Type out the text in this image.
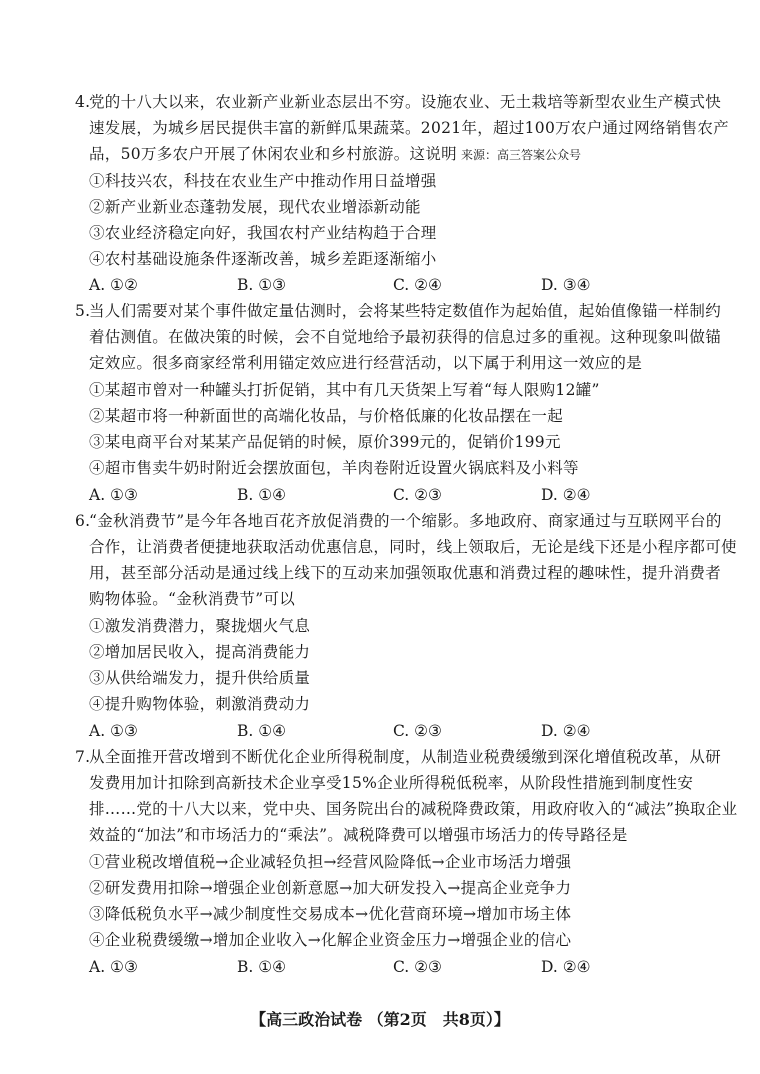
4.
党的十八大以来，农业新产业新业态层出不穷。设施农业、无土栽培等新型农业生产模式快
速发展，为城乡居民提供丰富的新鲜瓜果蔬菜。2021年，超过100万农户通过网络销售农产
品，50万多农户开展了休闲农业和乡村旅游。这说明 来源：高三答案公众号
①科技兴农，科技在农业生产中推动作用日益增强
②新产业新业态蓬勃发展，现代农业增添新动能
③农业经济稳定向好，我国农村产业结构趋于合理
④农村基础设施条件逐渐改善，城乡差距逐渐缩小
A. ①②	B. ①③	C. ②④	D. ③④
5.
当人们需要对某个事件做定量估测时，会将某些特定数值作为起始值，起始值像锚一样制约
着估测值。在做决策的时候，会不自觉地给予最初获得的信息过多的重视。这种现象叫做锚
定效应。很多商家经常利用锚定效应进行经营活动，以下属于利用这一效应的是
①某超市曾对一种罐头打折促销，其中有几天货架上写着“每人限购12罐”
②某超市将一种新面世的高端化妆品，与价格低廉的化妆品摆在一起
③某电商平台对某某产品促销的时候，原价399元的，促销价199元
④超市售卖牛奶时附近会摆放面包，羊肉卷附近设置火锅底料及小料等
A. ①③	B. ①④	C. ②③	D. ②④
6.
“金秋消费节”是今年各地百花齐放促消费的一个缩影。多地政府、商家通过与互联网平台的
合作，让消费者便捷地获取活动优惠信息，同时，线上领取后，无论是线下还是小程序都可使
用，甚至部分活动是通过线上线下的互动来加强领取优惠和消费过程的趣味性，提升消费者
购物体验。“金秋消费节”可以
①激发消费潜力，聚拢烟火气息
②增加居民收入，提高消费能力
③从供给端发力，提升供给质量
④提升购物体验，刺激消费动力
A. ①③	B. ①④	C. ②③	D. ②④
7.
从全面推开营改增到不断优化企业所得税制度，从制造业税费缓缴到深化增值税改革，从研
发费用加计扣除到高新技术企业享受15%企业所得税低税率，从阶段性措施到制度性安
排……党的十八大以来，党中央、国务院出台的减税降费政策，用政府收入的“减法”换取企业
效益的“加法”和市场活力的“乘法”。减税降费可以增强市场活力的传导路径是
①营业税改增值税→企业减轻负担→经营风险降低→企业市场活力增强
②研发费用扣除→增强企业创新意愿→加大研发投入→提高企业竞争力
③降低税负水平→减少制度性交易成本→优化营商环境→增加市场主体
④企业税费缓缴→增加企业收入→化解企业资金压力→增强企业的信心
A. ①③	B. ①④	C. ②③	D. ②④
【高三政治试卷 （第2页　共8页）】
